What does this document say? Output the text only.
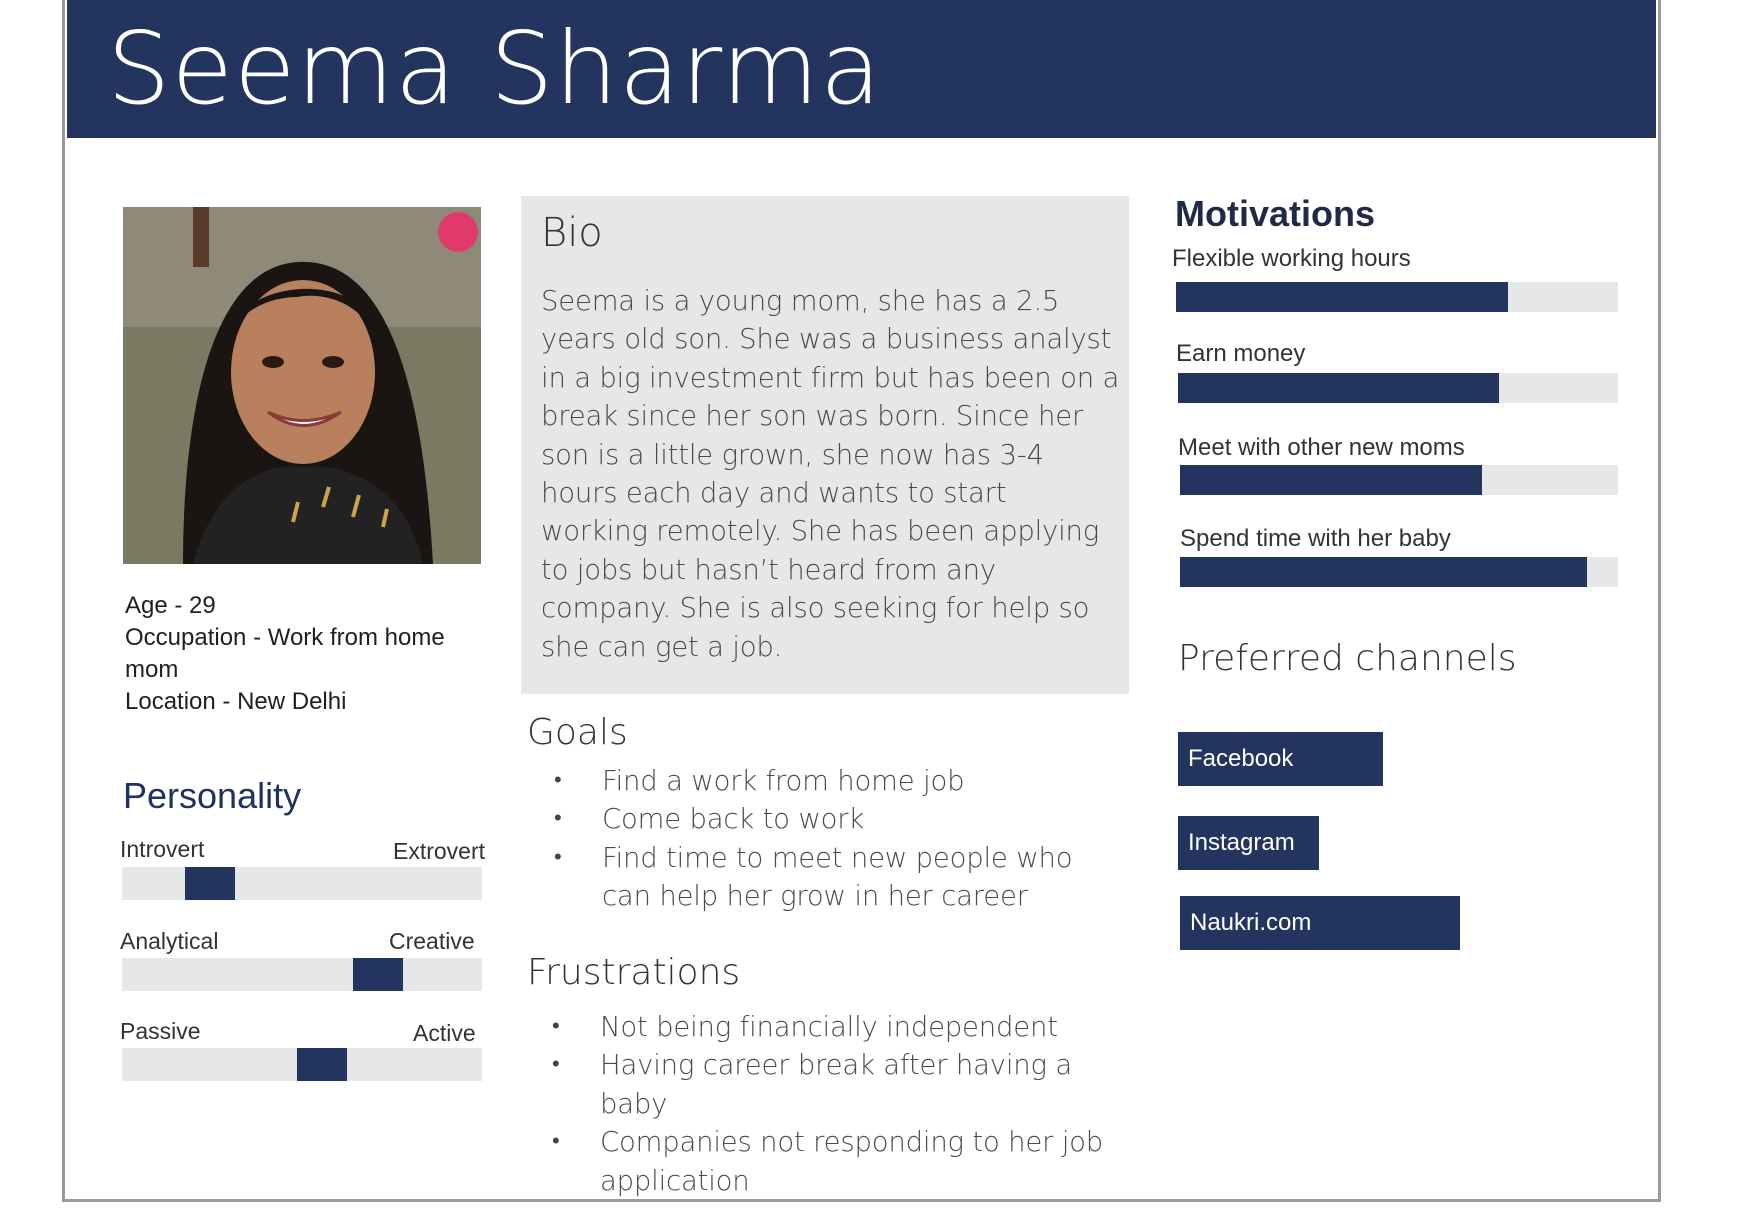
Seema Sharma
Age - 29
Occupation - Work from home
mom
Location - New Delhi
Personality
Introvert	Extrovert
Analytical	Creative
Passive	Active
Bio
Seema is a young mom, she has a 2.5 years old son. She was a business analyst in a big investment firm but has been on a break since her son was born. Since her son is a little grown, she now has 3-4 hours each day and wants to start working remotely. She has been applying to jobs but hasn’t heard from any company. She is also seeking for help so she can get a job.
Goals
• Find a work from home job
• Come back to work
• Find time to meet new people who can help her grow in her career
Frustrations
• Not being financially independent
• Having career break after having a baby
• Companies not responding to her job application
Motivations
Flexible working hours
Earn money
Meet with other new moms
Spend time with her baby
Preferred channels
Facebook
Instagram
Naukri.com
